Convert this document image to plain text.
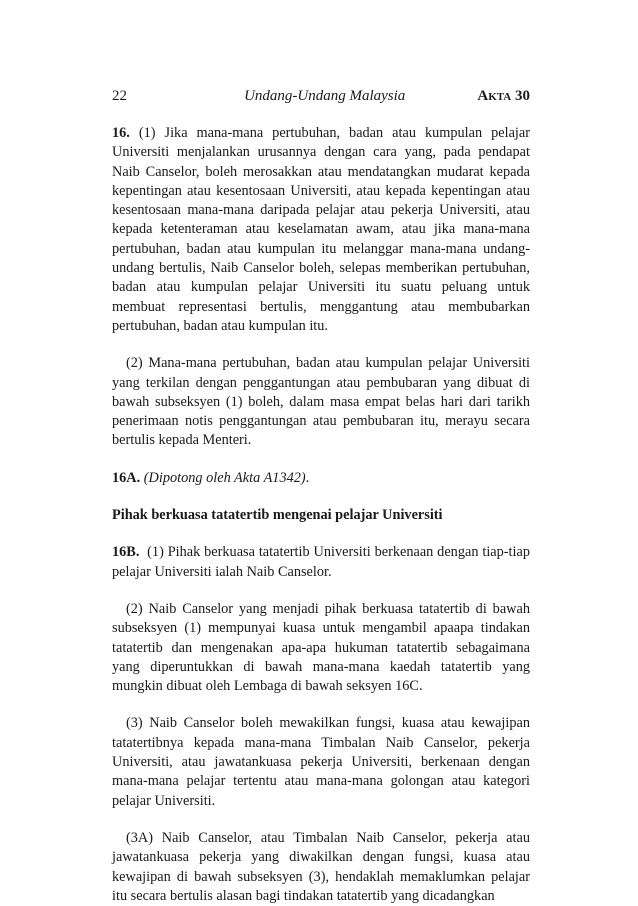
22	Undang-Undang Malaysia	Akta 30

16. (1) Jika mana-mana pertubuhan, badan atau kumpulan pelajar Universiti menjalankan urusannya dengan cara yang, pada pendapat Naib Canselor, boleh merosakkan atau mendatangkan mudarat kepada kepentingan atau kesentosaan Universiti, atau kepada kepentingan atau kesentosaan mana-mana daripada pelajar atau pekerja Universiti, atau kepada ketenteraman atau keselamatan awam, atau jika mana-mana pertubuhan, badan atau kumpulan itu melanggar mana-mana undang-undang bertulis, Naib Canselor boleh, selepas memberikan pertubuhan, badan atau kumpulan pelajar Universiti itu suatu peluang untuk membuat representasi bertulis, menggantung atau membubarkan pertubuhan, badan atau kumpulan itu.

(2) Mana-mana pertubuhan, badan atau kumpulan pelajar Universiti yang terkilan dengan penggantungan atau pembubaran yang dibuat di bawah subseksyen (1) boleh, dalam masa empat belas hari dari tarikh penerimaan notis penggantungan atau pembubaran itu, merayu secara bertulis kepada Menteri.

16A. (Dipotong oleh Akta A1342).

Pihak berkuasa tatatertib mengenai pelajar Universiti

16B. (1) Pihak berkuasa tatatertib Universiti berkenaan dengan tiap-tiap pelajar Universiti ialah Naib Canselor.

(2) Naib Canselor yang menjadi pihak berkuasa tatatertib di bawah subseksyen (1) mempunyai kuasa untuk mengambil apaapa tindakan tatatertib dan mengenakan apa-apa hukuman tatatertib sebagaimana yang diperuntukkan di bawah mana-mana kaedah tatatertib yang mungkin dibuat oleh Lembaga di bawah seksyen 16C.

(3) Naib Canselor boleh mewakilkan fungsi, kuasa atau kewajipan tatatertibnya kepada mana-mana Timbalan Naib Canselor, pekerja Universiti, atau jawatankuasa pekerja Universiti, berkenaan dengan mana-mana pelajar tertentu atau mana-mana golongan atau kategori pelajar Universiti.

(3A) Naib Canselor, atau Timbalan Naib Canselor, pekerja atau jawatankuasa pekerja yang diwakilkan dengan fungsi, kuasa atau kewajipan di bawah subseksyen (3), hendaklah memaklumkan pelajar itu secara bertulis alasan bagi tindakan tatatertib yang dicadangkan
